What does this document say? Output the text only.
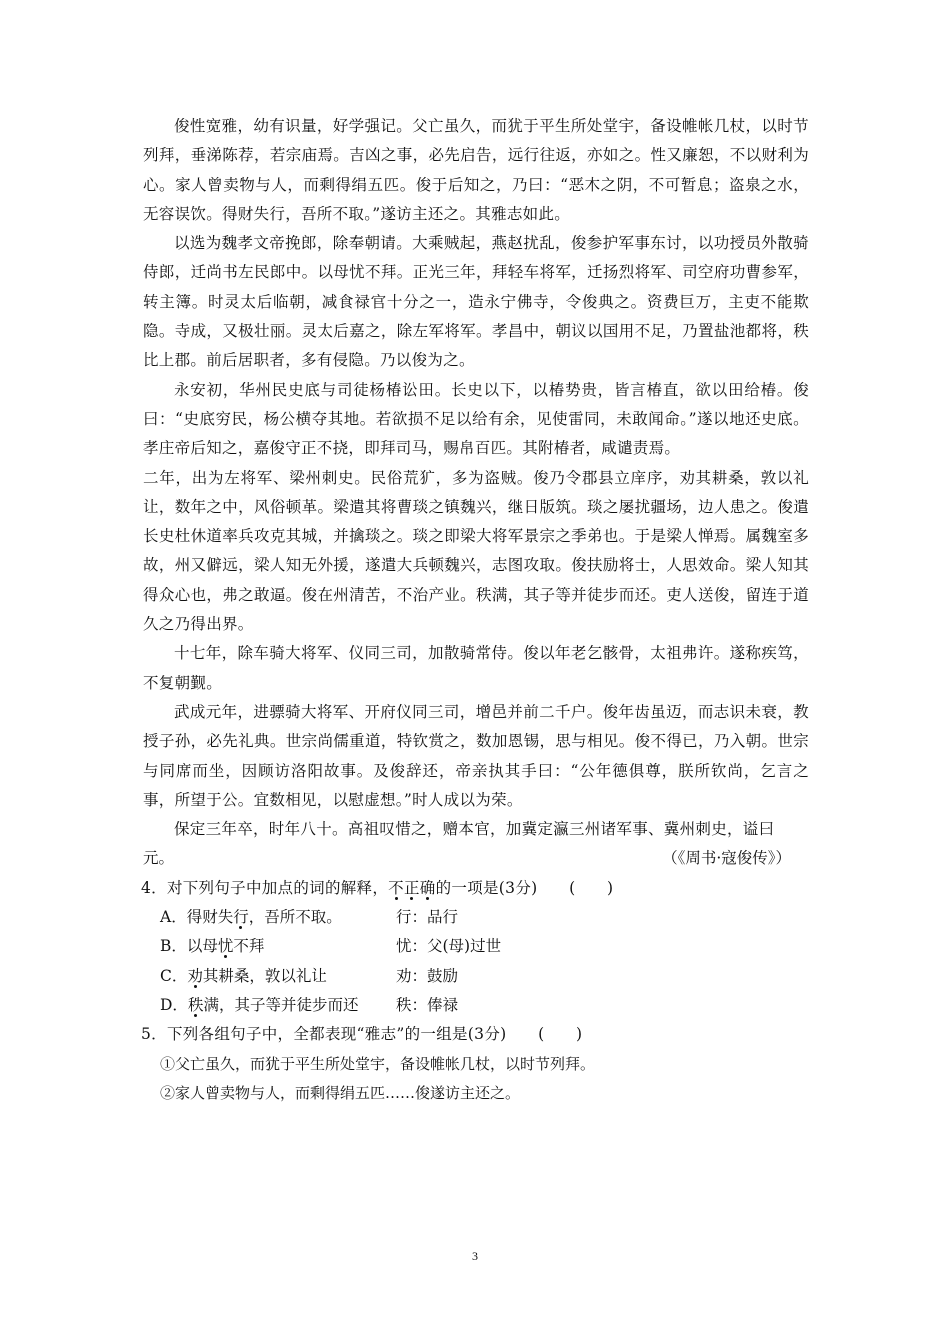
俊性宽雅，幼有识量，好学强记。父亡虽久，而犹于平生所处堂宇，备设帷帐几杖，以时节列拜，垂涕陈荐，若宗庙焉。吉凶之事，必先启告，远行往返，亦如之。性又廉恕，不以财利为心。家人曾卖物与人，而剩得绢五匹。俊于后知之，乃曰：“恶木之阴，不可暂息；盗泉之水，无容误饮。得财失行，吾所不取。”遂访主还之。其雅志如此。

以选为魏孝文帝挽郎，除奉朝请。大乘贼起，燕赵扰乱，俊参护军事东讨，以功授员外散骑侍郎，迁尚书左民郎中。以母忧不拜。正光三年，拜轻车将军，迁扬烈将军、司空府功曹参军，转主簿。时灵太后临朝，减食禄官十分之一，造永宁佛寺，令俊典之。资费巨万，主吏不能欺隐。寺成，又极壮丽。灵太后嘉之，除左军将军。孝昌中，朝议以国用不足，乃置盐池都将，秩比上郡。前后居职者，多有侵隐。乃以俊为之。

永安初，华州民史底与司徒杨椿讼田。长史以下，以椿势贵，皆言椿直，欲以田给椿。俊曰：“史底穷民，杨公横夺其地。若欲损不足以给有余，见使雷同，未敢闻命。”遂以地还史底。孝庄帝后知之，嘉俊守正不挠，即拜司马，赐帛百匹。其附椿者，咸谴责焉。

二年，出为左将军、梁州刺史。民俗荒犷，多为盗贼。俊乃令郡县立庠序，劝其耕桑，敦以礼让，数年之中，风俗顿革。梁遣其将曹琰之镇魏兴，继日版筑。琰之屡扰疆场，边人患之。俊遣长史杜休道率兵攻克其城，并擒琰之。琰之即梁大将军景宗之季弟也。于是梁人惮焉。属魏室多故，州又僻远，梁人知无外援，遂遣大兵顿魏兴，志图攻取。俊扶励将士，人思效命。梁人知其得众心也，弗之敢逼。俊在州清苦，不治产业。秩满，其子等并徒步而还。吏人送俊，留连于道久之乃得出界。

十七年，除车骑大将军、仪同三司，加散骑常侍。俊以年老乞骸骨，太祖弗许。遂称疾笃，不复朝觐。

武成元年，进骠骑大将军、开府仪同三司，增邑并前二千户。俊年齿虽迈，而志识未衰，教授子孙，必先礼典。世宗尚儒重道，特钦赏之，数加恩锡，思与相见。俊不得已，乃入朝。世宗与同席而坐，因顾访洛阳故事。及俊辞还，帝亲执其手曰：“公年德俱尊，朕所钦尚，乞言之事，所望于公。宜数相见，以慰虚想。”时人成以为荣。

保定三年卒，时年八十。高祖叹惜之，赠本官，加冀定瀛三州诸军事、冀州刺史，谥曰

元。	（《周书·寇俊传》）

4．对下列句子中加点的词的解释，不正确的一项是(3分)　　(　　)

A．得财失行，吾所不取。	行：品行
B．以母忧不拜	忧：父(母)过世
C．劝其耕桑，敦以礼让	劝：鼓励
D．秩满，其子等并徒步而还	秩：俸禄

5．下列各组句子中，全都表现“雅志”的一组是(3分)　　(　　)

①父亡虽久，而犹于平生所处堂宇，备设帷帐几杖，以时节列拜。
②家人曾卖物与人，而剩得绢五匹……俊遂访主还之。
3
